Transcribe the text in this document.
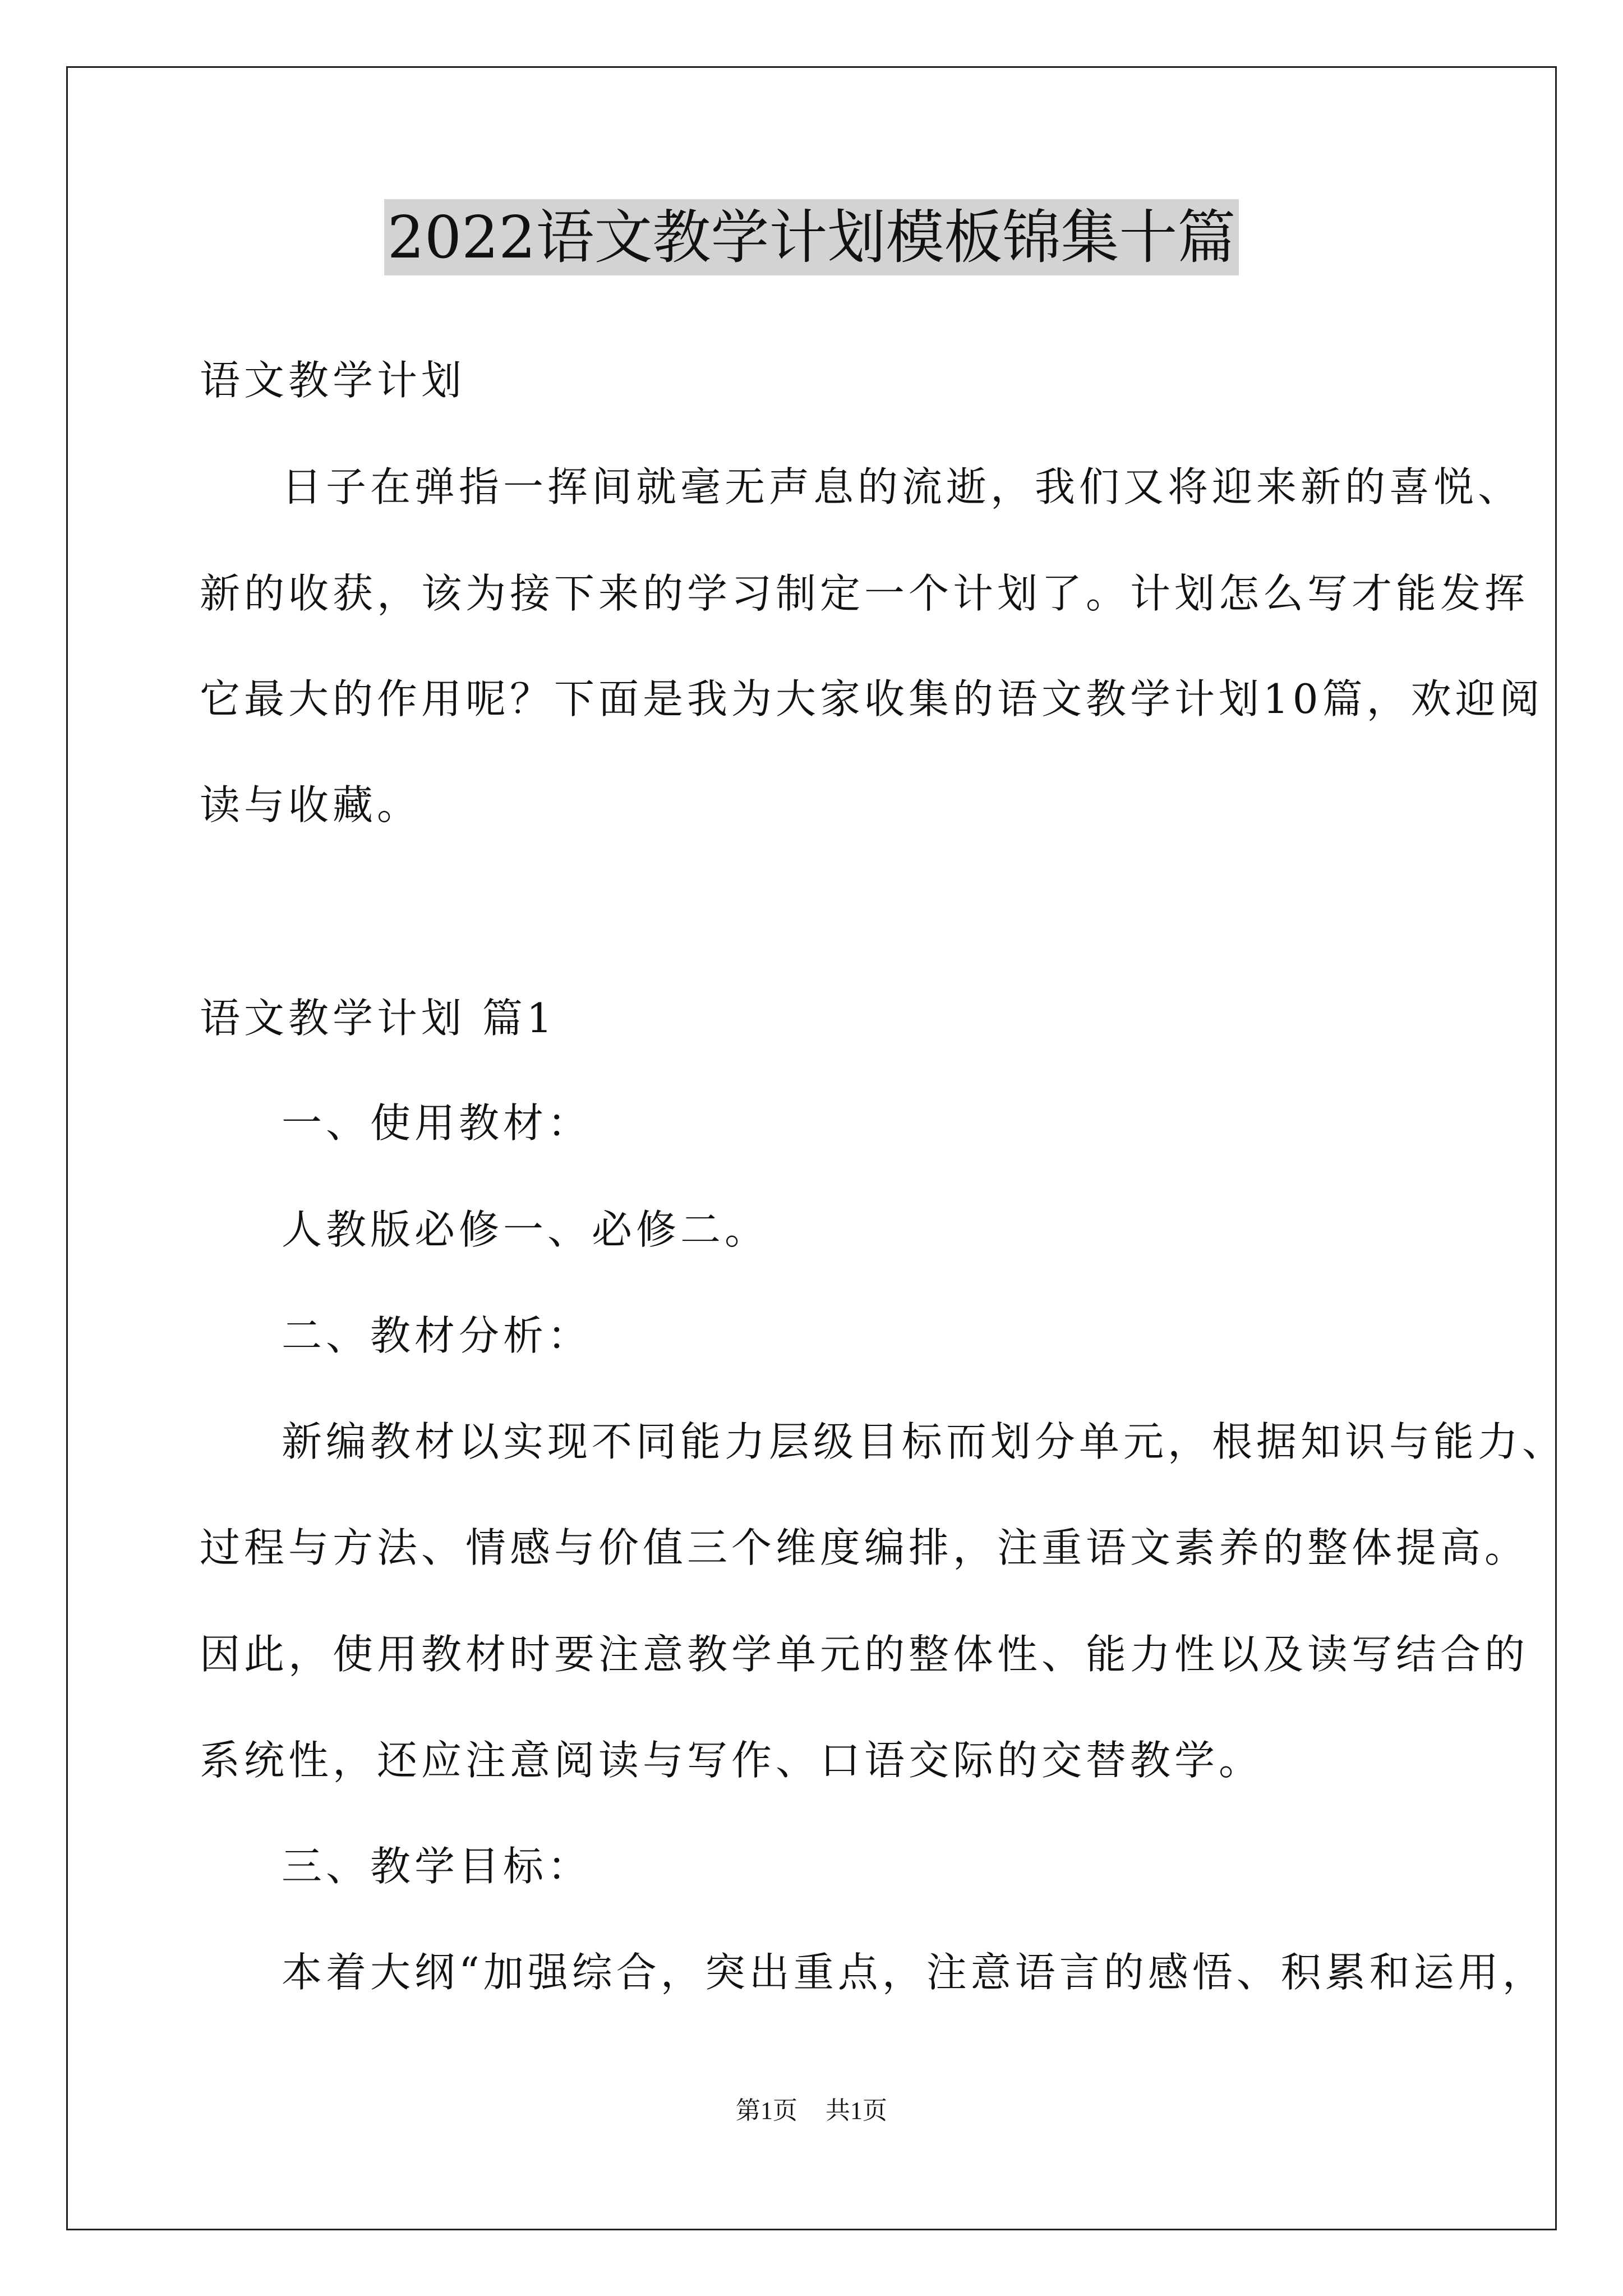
2022语文教学计划模板锦集十篇
语文教学计划
日子在弹指一挥间就毫无声息的流逝，我们又将迎来新的喜悦、
新的收获，该为接下来的学习制定一个计划了。计划怎么写才能发挥
它最大的作用呢？下面是我为大家收集的语文教学计划10篇，欢迎阅
读与收藏。
语文教学计划 篇1
一、使用教材：
人教版必修一、必修二。
二、教材分析：
新编教材以实现不同能力层级目标而划分单元，根据知识与能力、
过程与方法、情感与价值三个维度编排，注重语文素养的整体提高。
因此，使用教材时要注意教学单元的整体性、能力性以及读写结合的
系统性，还应注意阅读与写作、口语交际的交替教学。
三、教学目标：
本着大纲“加强综合，突出重点，注意语言的感悟、积累和运用，
第1页 共1页
